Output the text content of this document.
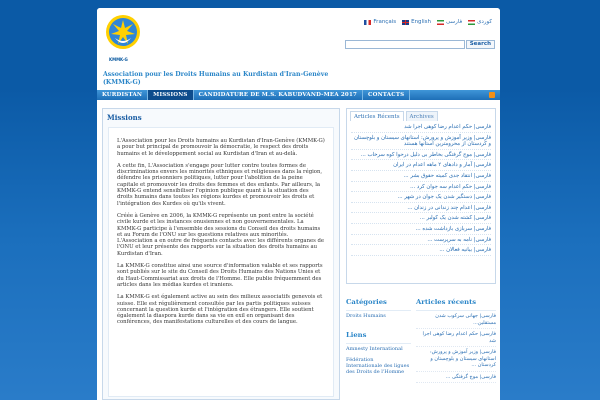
KMMK-G
Association pour les Droits Humains au Kurdistan d'Iran-Genève (KMMK-G)
Français	English	فارسی	کوردی
Search
KURDISTAN	MISSIONS	CANDIDATURE DE M.S. KABUDVAND-MEA 2017	CONTACTS
Missions

L'Association pour les Droits humains au Kurdistan d'Iran-Genève (KMMK-G) a pour but principal de promouvoir la démocratie, le respect des droits humains et le développement social au Kurdistan d'Iran et au-delà.

A cette fin, L'Association s'engage pour lutter contre toutes formes de discriminations envers les minorités ethniques et religieuses dans la région, défendre les prisonniers politiques, lutter pour l'abolition de la peine capitale et promouvoir les droits des femmes et des enfants. Par ailleurs, la KMMK-G entend sensibiliser l'opinion publique quant à la situation des droits humains dans toutes les régions kurdes et promouvoir les droits et l'intégration des Kurdes où qu'ils vivent.

Créée à Genève en 2006, la KMMK-G représente un pont entre la société civile kurde et les instances onusiennes et non gouvernementales. La KMMK-G participe à l'ensemble des sessions du Conseil des droits humains et au Forum de l'ONU sur les questions relatives aux minorités. L'Association a en outre de fréquents contacts avec les différents organes de l'ONU et leur présente des rapports sur la situation des droits humains au Kurdistan d'Iran.

La KMMK-G constitue ainsi une source d'information valable et ses rapports sont publiés sur le site du Conseil des Droits Humains des Nations Unies et du Haut-Commissariat aux droits de l'Homme. Elle publie fréquemment des articles dans les médias kurdes et iraniens.

La KMMK-G est également active au sein des milieux associatifs genevois et suisse. Elle est régulièrement consultée par les partis politiques suisses concernant la question kurde et l'intégration des étrangers. Elle soutient également la diaspora kurde dans sa vie en exil en organisant des conférences, des manifestations culturelles et des cours de langue.

Articles Récents	Archives
فارسی| حکم اعدام رضا کوهی اجرا شد
فارسی| وزیر آموزش و پرورش: استانهای سیستان و بلوچستان و کردستان از محرومترین استانها هستند
فارسی| موج گرفتگی بخاطر بی دلیل درحوا کوه سرخاب ...
فارسی| آمار و دادهای ۲ ماهه اعدام در ایران
فارسی| انتقاد جدی کمیته حقوق بشر ...
فارسی| حکم اعدام سه جوان کرد ...
فارسی| دستگیر شدن یک جوان در شهر ...
فارسی| اعدام چند زندانی در زندان ...
فارسی| کشته شدن یک کولبر ...
فارسی| سربازی بازداشت شده ...
فارسی| نامه به سرپرست ...
فارسی| بیانیه فعالان ...
Catégories
Droits Humains
Liens
Amnesty International
Fédération Internationale des ligues des Droits de l'Homme
Articles récents
فارسی| جهانی سرکوب شدن مستقلین...
فارسی| حکم اعدام رضا کوهی اجرا شد
فارسی| وزیر آموزش و پرورش: استانهای سیستان و بلوچستان و کردستان ...
فارسی| موج گرفتگی ...
